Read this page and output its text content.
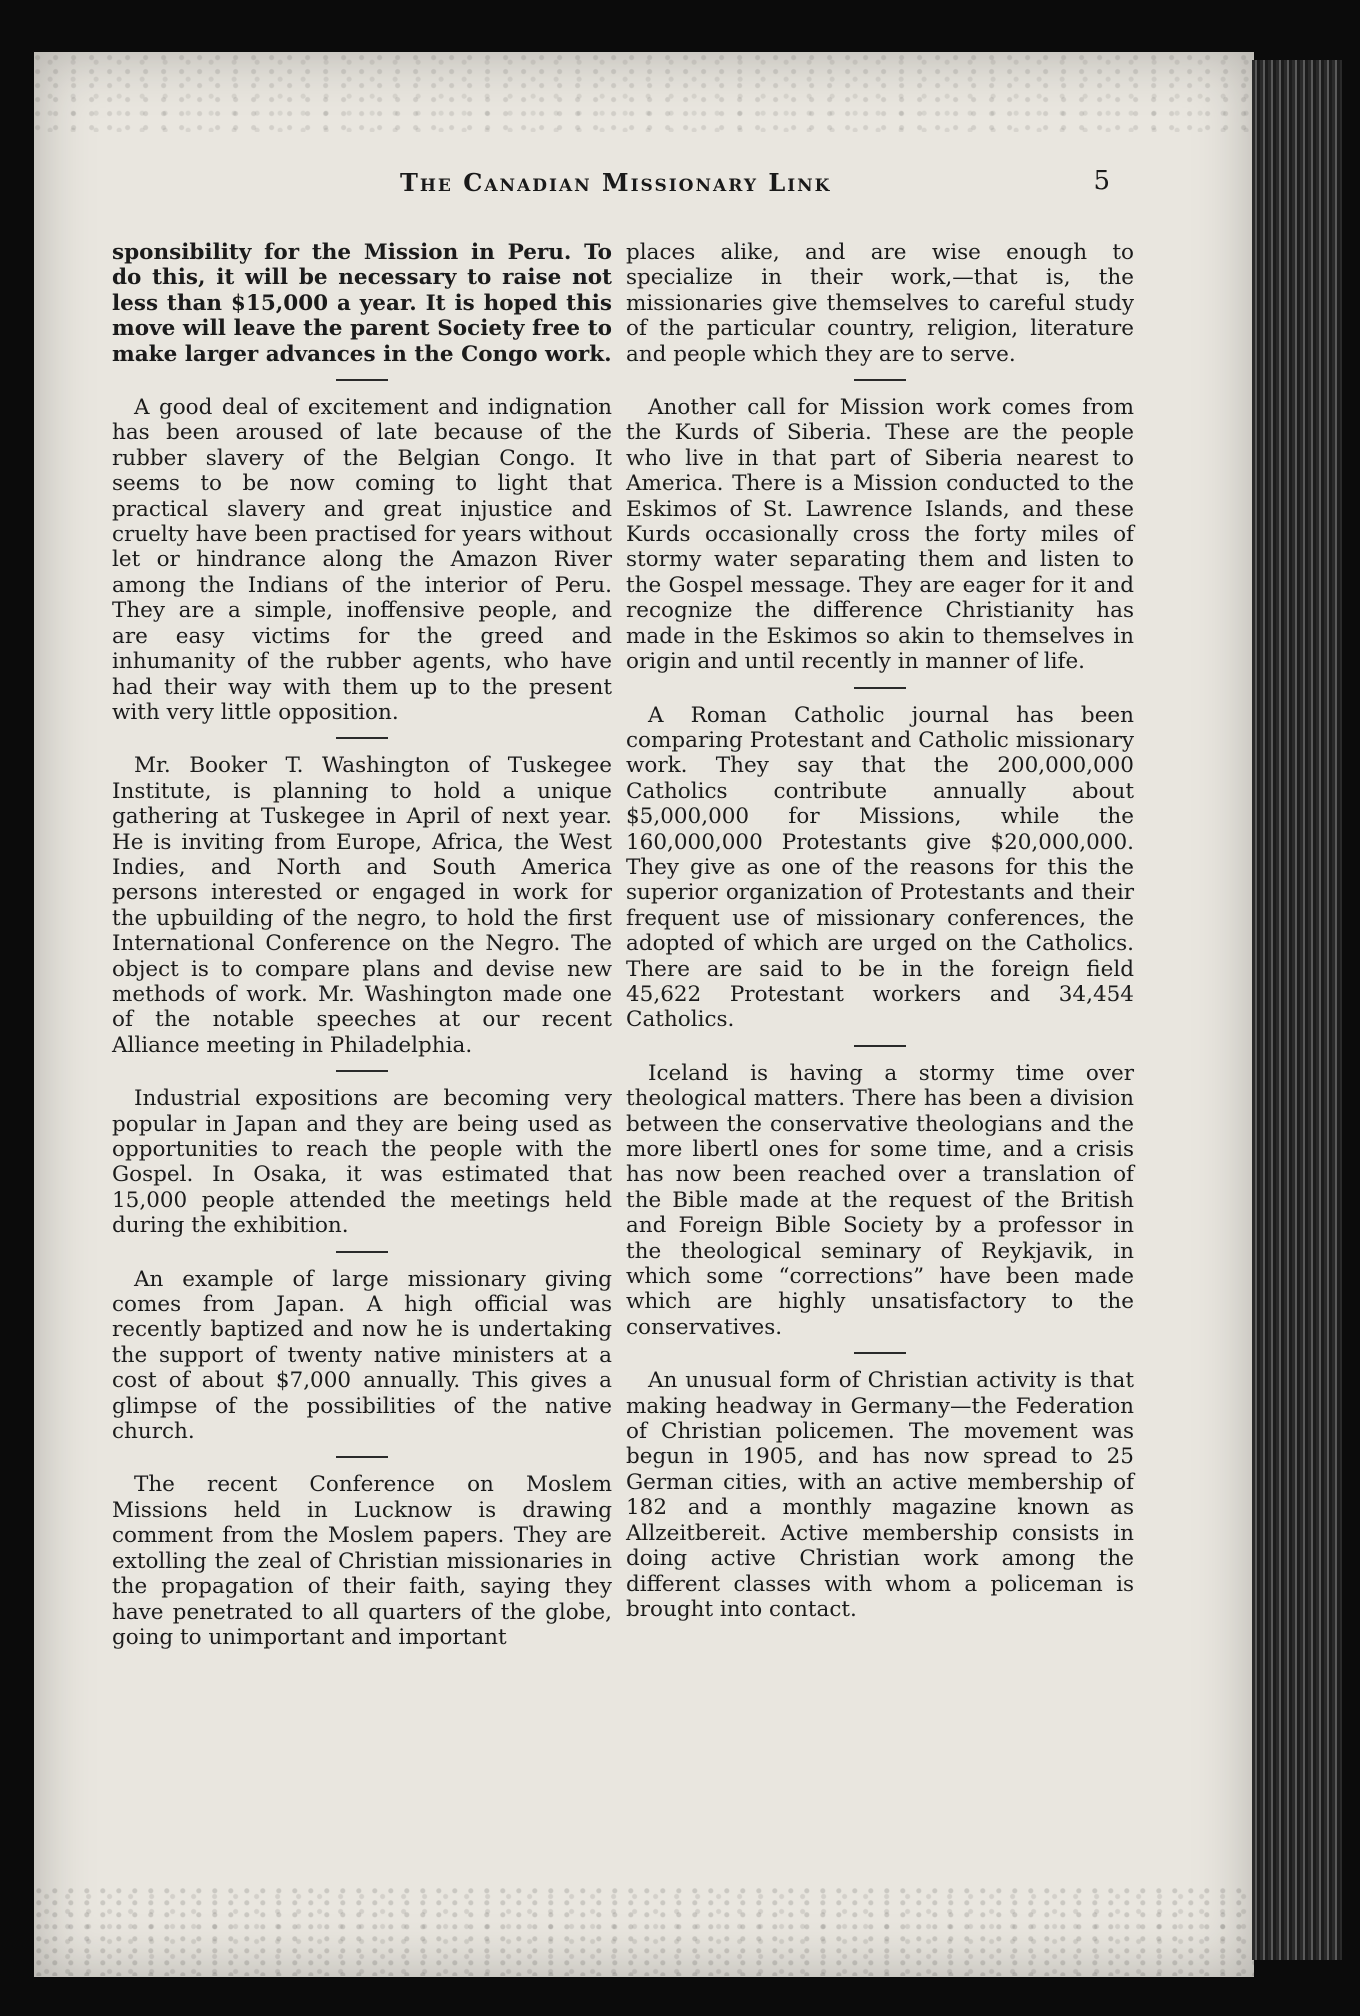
The Canadian Missionary Link	5

sponsibility for the Mission in Peru. To do this, it will be necessary to raise not less than $15,000 a year. It is hoped this move will leave the parent Society free to make larger advances in the Congo work.

A good deal of excitement and indignation has been aroused of late because of the rubber slavery of the Belgian Congo. It seems to be now coming to light that practical slavery and great injustice and cruelty have been practised for years without let or hindrance along the Amazon River among the Indians of the interior of Peru. They are a simple, inoffensive people, and are easy victims for the greed and inhumanity of the rubber agents, who have had their way with them up to the present with very little opposition.

Mr. Booker T. Washington of Tuskegee Institute, is planning to hold a unique gathering at Tuskegee in April of next year. He is inviting from Europe, Africa, the West Indies, and North and South America persons interested or engaged in work for the upbuilding of the negro, to hold the first International Conference on the Negro. The object is to compare plans and devise new methods of work. Mr. Washington made one of the notable speeches at our recent Alliance meeting in Philadelphia.

Industrial expositions are becoming very popular in Japan and they are being used as opportunities to reach the people with the Gospel. In Osaka, it was estimated that 15,000 people attended the meetings held during the exhibition.

An example of large missionary giving comes from Japan. A high official was recently baptized and now he is undertaking the support of twenty native ministers at a cost of about $7,000 annually. This gives a glimpse of the possibilities of the native church.

The recent Conference on Moslem Missions held in Lucknow is drawing comment from the Moslem papers. They are extolling the zeal of Christian missionaries in the propagation of their faith, saying they have penetrated to all quarters of the globe, going to unimportant and important

places alike, and are wise enough to specialize in their work,—that is, the missionaries give themselves to careful study of the particular country, religion, literature and people which they are to serve.

Another call for Mission work comes from the Kurds of Siberia. These are the people who live in that part of Siberia nearest to America. There is a Mission conducted to the Eskimos of St. Lawrence Islands, and these Kurds occasionally cross the forty miles of stormy water separating them and listen to the Gospel message. They are eager for it and recognize the difference Christianity has made in the Eskimos so akin to themselves in origin and until recently in manner of life.

A Roman Catholic journal has been comparing Protestant and Catholic missionary work. They say that the 200,000,000 Catholics contribute annually about $5,000,000 for Missions, while the 160,000,000 Protestants give $20,000,000. They give as one of the reasons for this the superior organization of Protestants and their frequent use of missionary conferences, the adopted of which are urged on the Catholics. There are said to be in the foreign field 45,622 Protestant workers and 34,454 Catholics.

Iceland is having a stormy time over theological matters. There has been a division between the conservative theologians and the more libertl ones for some time, and a crisis has now been reached over a translation of the Bible made at the request of the British and Foreign Bible Society by a professor in the theological seminary of Reykjavik, in which some “corrections” have been made which are highly unsatisfactory to the conservatives.

An unusual form of Christian activity is that making headway in Germany—the Federation of Christian policemen. The movement was begun in 1905, and has now spread to 25 German cities, with an active membership of 182 and a monthly magazine known as Allzeitbereit. Active membership consists in doing active Christian work among the different classes with whom a policeman is brought into contact.
